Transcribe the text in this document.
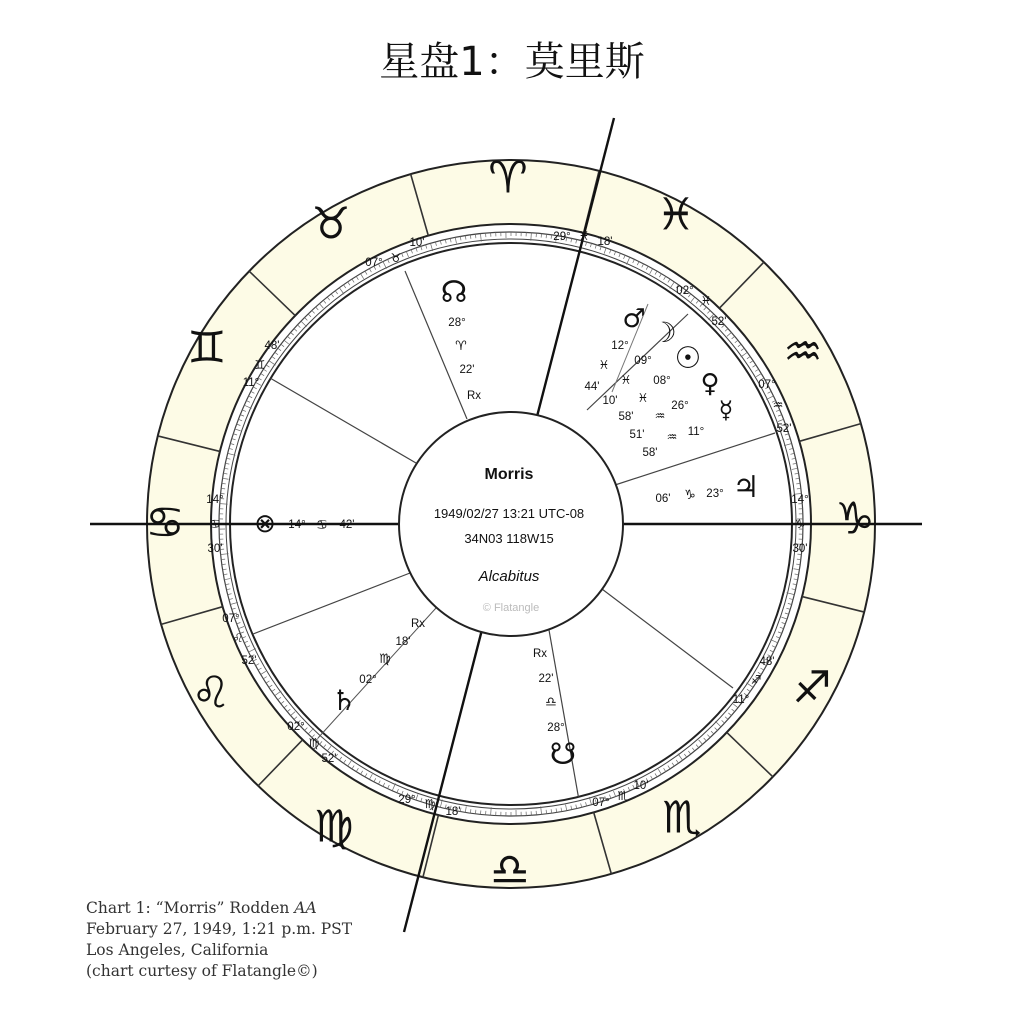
星盘1：莫里斯
♈
♓
♒
♑
♐
♏
♎
♍
♌
♋
♊
♉
Morris
1949/02/27 13:21 UTC-08
34N03 118W15
Alcabitus
© Flatangle
14°
♋
30'
14°
♑
30'
29° ♓ 18'
29° ♍
18'
07° ♉
10'
48'
♊
11°
07°
♌
52'
02°
♍
52'
07° ♏
10'
48'
♐
11°
07°
♒
52'
02°
♓
52'
☊
28°
♈
22'
Rx
Rx
22'
♎
28°
☋
Rx
18'
♍
02°
♄
♃
23°
♑
06'
⊗ 14° ♋ 42'
♂
12°
♓
44'
☽
09°
♓
10'
☉
08°
♓
58'
♀
26°
♒
51'
☿
11°
♒
58'
Chart 1: “Morris” Rodden AA
February 27, 1949, 1:21 p.m. PST
Los Angeles, California
(chart curtesy of Flatangle©)
